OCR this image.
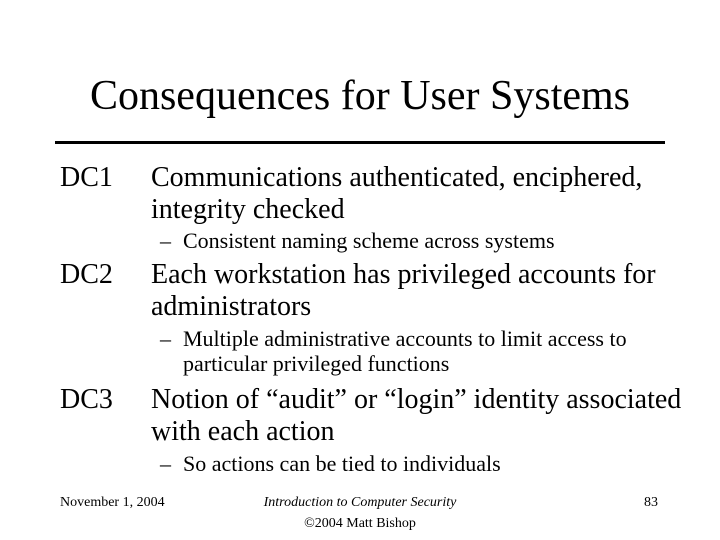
Consequences for User Systems
DC1 Communications authenticated, enciphered, integrity checked
– Consistent naming scheme across systems
DC2 Each workstation has privileged accounts for administrators
– Multiple administrative accounts to limit access to particular privileged functions
DC3 Notion of “audit” or “login” identity associated with each action
– So actions can be tied to individuals
November 1, 2004	Introduction to Computer Security
©2004 Matt Bishop
83
